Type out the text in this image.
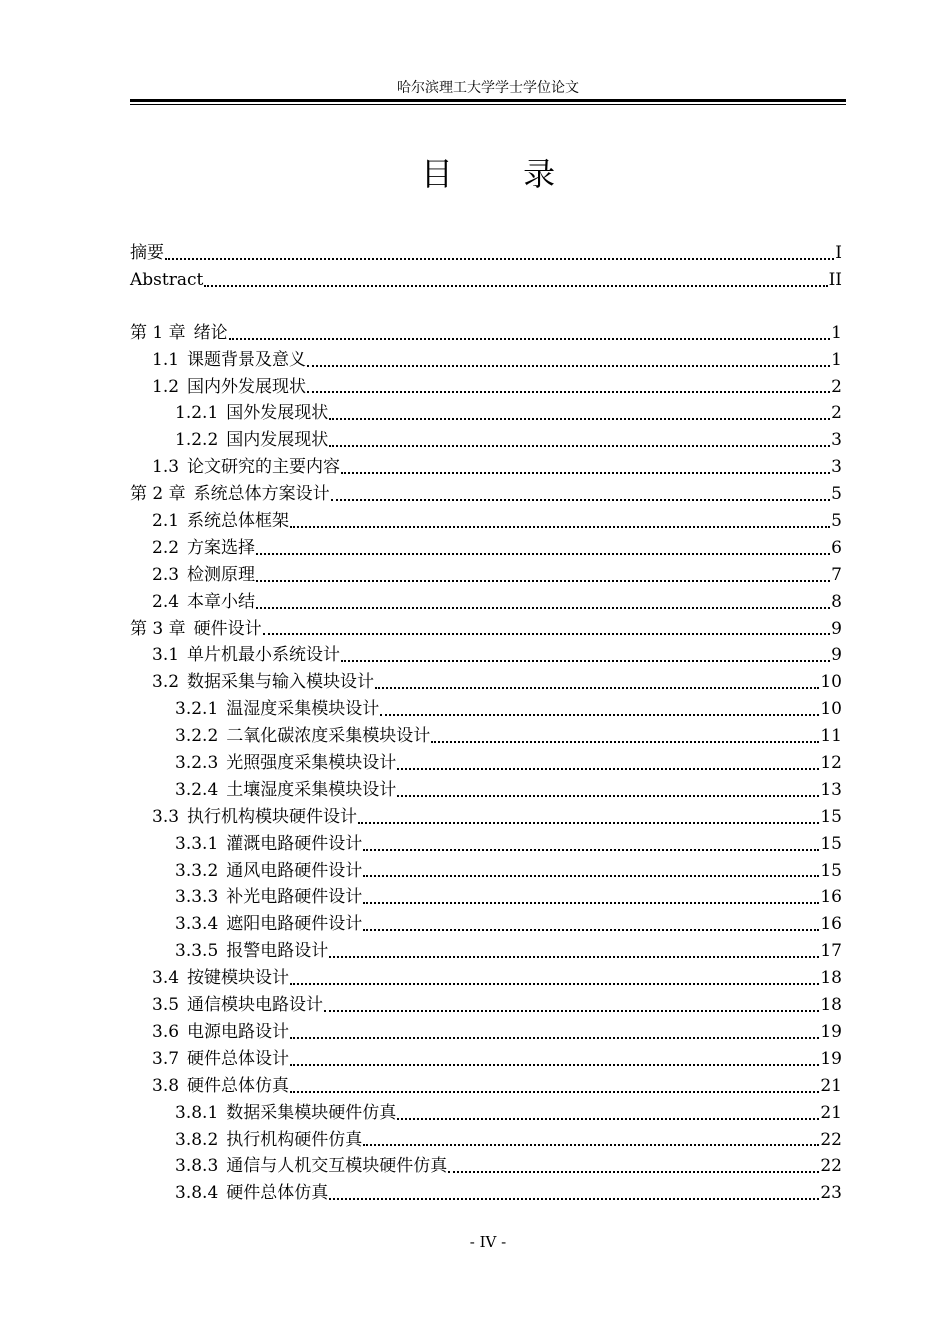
哈尔滨理工大学学士学位论文
目 录
摘要	I
Abstract	II
第 1 章 绪论	1
1.1 课题背景及意义	1
1.2 国内外发展现状	2
1.2.1 国外发展现状	2
1.2.2 国内发展现状	3
1.3 论文研究的主要内容	3
第 2 章 系统总体方案设计	5
2.1 系统总体框架	5
2.2 方案选择	6
2.3 检测原理	7
2.4 本章小结	8
第 3 章 硬件设计	9
3.1 单片机最小系统设计	9
3.2 数据采集与输入模块设计	10
3.2.1 温湿度采集模块设计	10
3.2.2 二氧化碳浓度采集模块设计	11
3.2.3 光照强度采集模块设计	12
3.2.4 土壤湿度采集模块设计	13
3.3 执行机构模块硬件设计	15
3.3.1 灌溉电路硬件设计	15
3.3.2 通风电路硬件设计	15
3.3.3 补光电路硬件设计	16
3.3.4 遮阳电路硬件设计	16
3.3.5 报警电路设计	17
3.4 按键模块设计	18
3.5 通信模块电路设计	18
3.6 电源电路设计	19
3.7 硬件总体设计	19
3.8 硬件总体仿真	21
3.8.1 数据采集模块硬件仿真	21
3.8.2 执行机构硬件仿真	22
3.8.3 通信与人机交互模块硬件仿真	22
3.8.4 硬件总体仿真	23
- IV -
